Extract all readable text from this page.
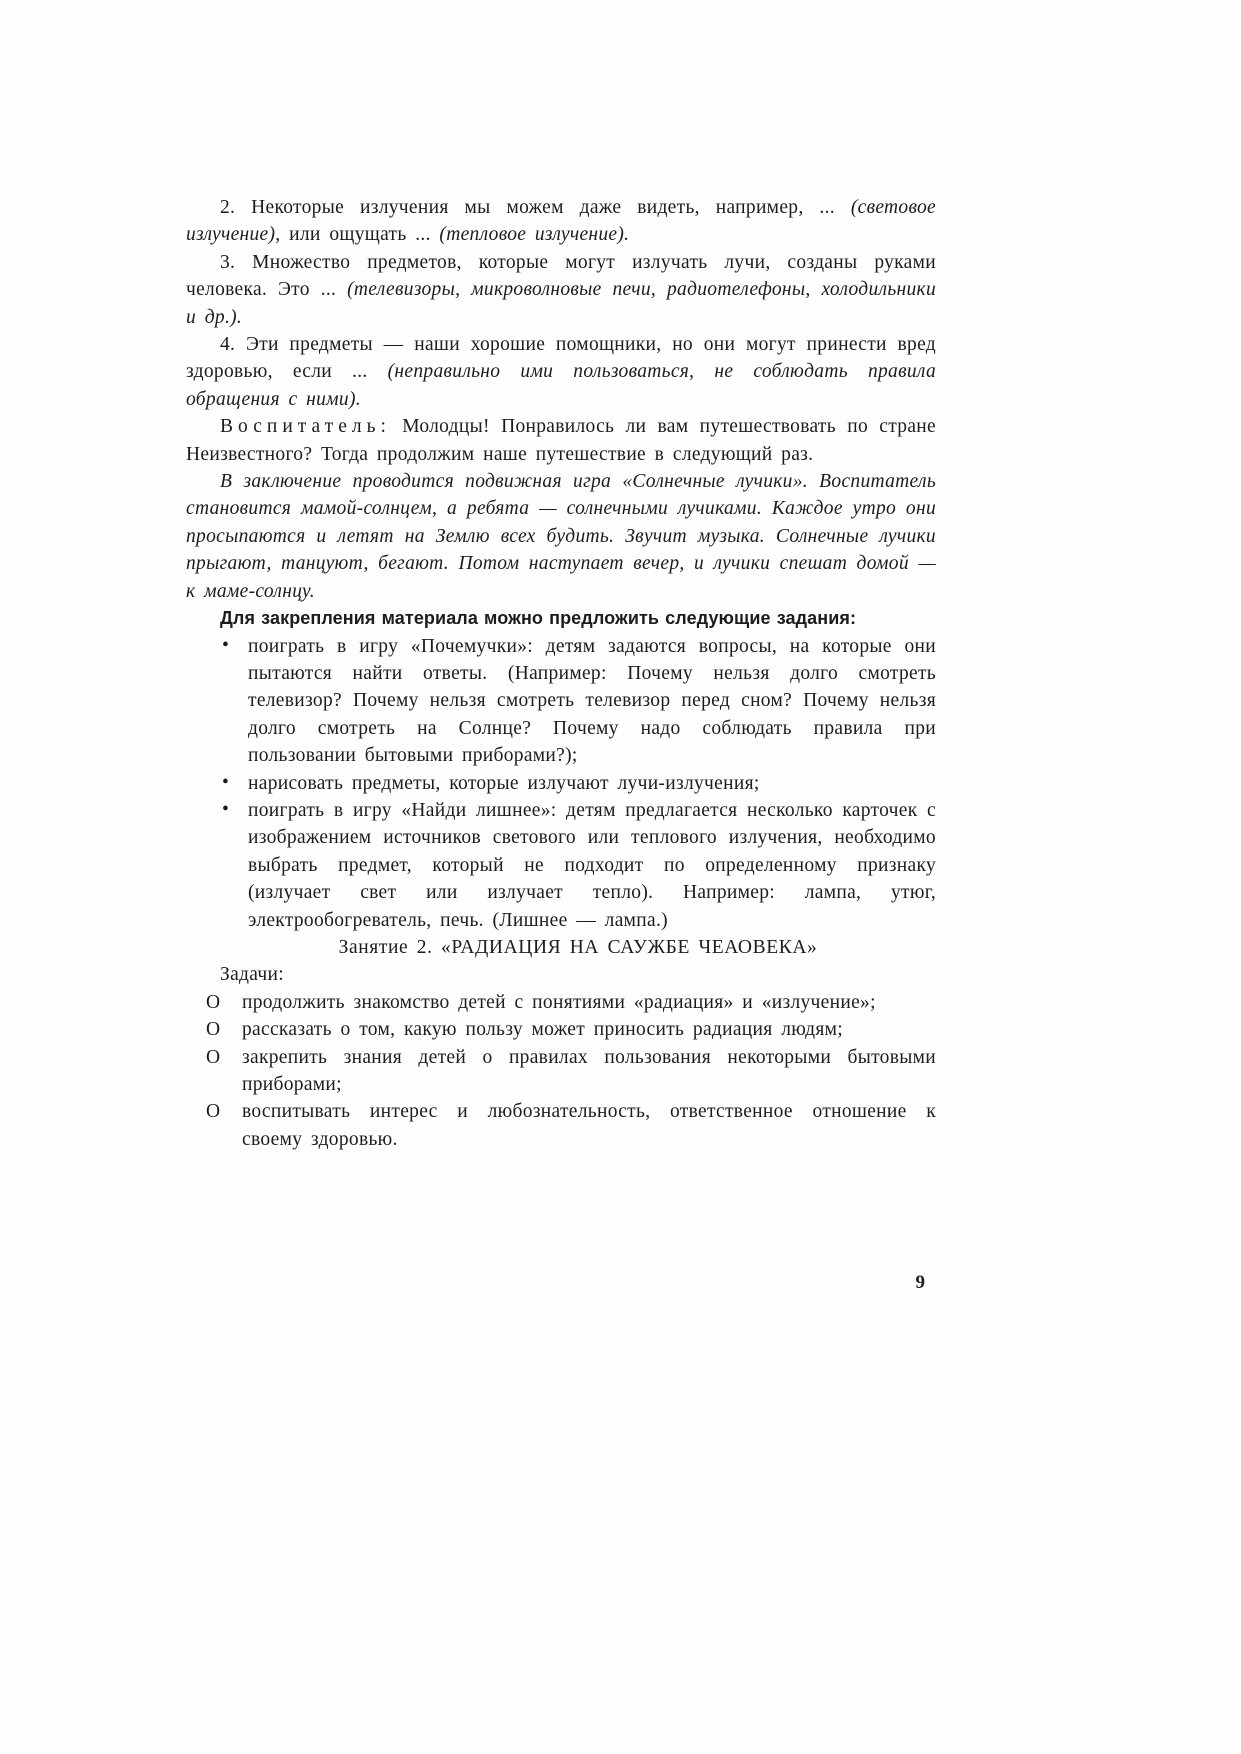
2. Некоторые излучения мы можем даже видеть, например, ... (световое излучение), или ощущать ... (тепловое излучение).

3. Множество предметов, которые могут излучать лучи, созданы руками человека. Это ... (телевизоры, микроволновые печи, радиотелефоны, холодильники и др.).

4. Эти предметы — наши хорошие помощники, но они могут принести вред здоровью, если ... (неправильно ими пользоваться, не соблюдать правила обращения с ними).

Воспитатель: Молодцы! Понравилось ли вам путешествовать по стране Неизвестного? Тогда продолжим наше путешествие в следующий раз.

В заключение проводится подвижная игра «Солнечные лучики». Воспитатель становится мамой-солнцем, а ребята — солнечными лучиками. Каждое утро они просыпаются и летят на Землю всех будить. Звучит музыка. Солнечные лучики прыгают, танцуют, бегают. Потом наступает вечер, и лучики спешат домой — к маме-солнцу.

Для закрепления материала можно предложить следующие задания:

• поиграть в игру «Почемучки»: детям задаются вопросы, на которые они пытаются найти ответы. (Например: Почему нельзя долго смотреть телевизор? Почему нельзя смотреть телевизор перед сном? Почему нельзя долго смотреть на Солнце? Почему надо соблюдать правила при пользовании бытовыми приборами?);
• нарисовать предметы, которые излучают лучи-излучения;
• поиграть в игру «Найди лишнее»: детям предлагается несколько карточек с изображением источников светового или теплового излучения, необходимо выбрать предмет, который не подходит по определенному признаку (излучает свет или излучает тепло). Например: лампа, утюг, электрообогреватель, печь. (Лишнее — лампа.)

Занятие 2. «РАДИАЦИЯ НА САУЖБЕ ЧЕАОВЕКА»

Задачи:

О продолжить знакомство детей с понятиями «радиация» и «излучение»;
О рассказать о том, какую пользу может приносить радиация людям;
О закрепить знания детей о правилах пользования некоторыми бытовыми приборами;
О воспитывать интерес и любознательность, ответственное отношение к своему здоровью.
9
